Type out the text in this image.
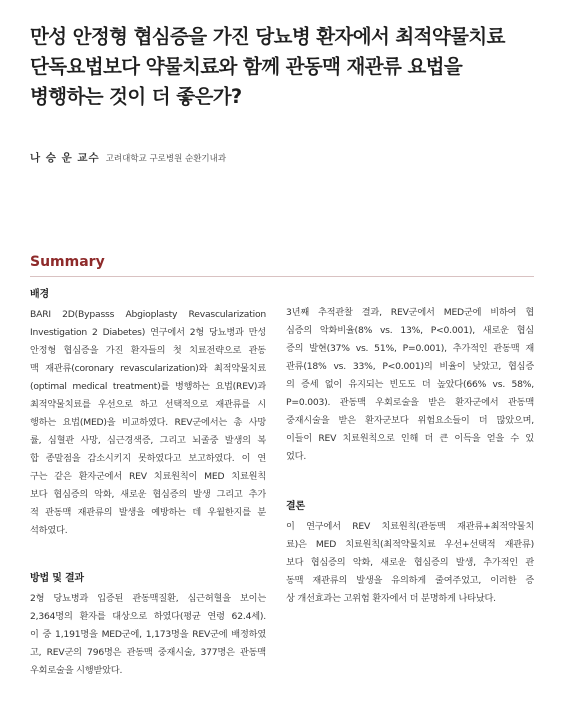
만성 안정형 협심증을 가진 당뇨병 환자에서 최적약물치료
단독요법보다 약물치료와 함께 관동맥 재관류 요법을
병행하는 것이 더 좋은가?
나 승 운 교수 고려대학교 구로병원 순환기내과
Summary
배경
BARI 2D(Bypasss Abgioplasty Revascularization
Investigation 2 Diabetes) 연구에서 2형 당뇨병과 만성
안정형 협심증을 가진 환자들의 첫 치료전략으로 관동
맥 재관류(coronary revascularization)와 최적약물치료
(optimal medical treatment)를 병행하는 요법(REV)과
최적약물치료를 우선으로 하고 선택적으로 재관류를 시
행하는 요법(MED)을 비교하였다. REV군에서는 총 사망
률, 심혈관 사망, 심근경색증, 그리고 뇌졸중 발생의 복
합 종말점을 감소시키지 못하였다고 보고하였다. 이 연
구는 같은 환자군에서 REV 치료원칙이 MED 치료원칙
보다 협심증의 악화, 새로운 협심증의 발생 그리고 추가
적 관동맥 재관류의 발생을 예방하는 데 우월한지를 분
석하였다.
방법 및 결과
2형 당뇨병과 입증된 관동맥질환, 심근허혈을 보이는
2,364명의 환자를 대상으로 하였다(평균 연령 62.4세).
이 중 1,191명을 MED군에, 1,173명을 REV군에 배정하였
고, REV군의 796명은 관동맥 중재시술, 377명은 관동맥
우회로술을 시행받았다.
3년째 추적관찰 결과, REV군에서 MED군에 비하여 협
심증의 악화비율(8% vs. 13%, P<0.001), 새로운 협심
증의 발현(37% vs. 51%, P=0.001), 추가적인 관동맥 재
관류(18% vs. 33%, P<0.001)의 비율이 낮았고, 협심증
의 증세 없이 유지되는 빈도도 더 높았다(66% vs. 58%,
P=0.003). 관동맥 우회로술을 받은 환자군에서 관동맥
중재시술을 받은 환자군보다 위험요소들이 더 많았으며,
이들이 REV 치료원칙으로 인해 더 큰 이득을 얻을 수 있
었다.
결론
이 연구에서 REV 치료원칙(관동맥 재관류+최적약물치
료)은 MED 치료원칙(최적약물치료 우선+선택적 재관류)
보다 협심증의 악화, 새로운 협심증의 발생, 추가적인 관
동맥 재관류의 발생을 유의하게 줄여주었고, 이러한 증
상 개선효과는 고위험 환자에서 더 분명하게 나타났다.
